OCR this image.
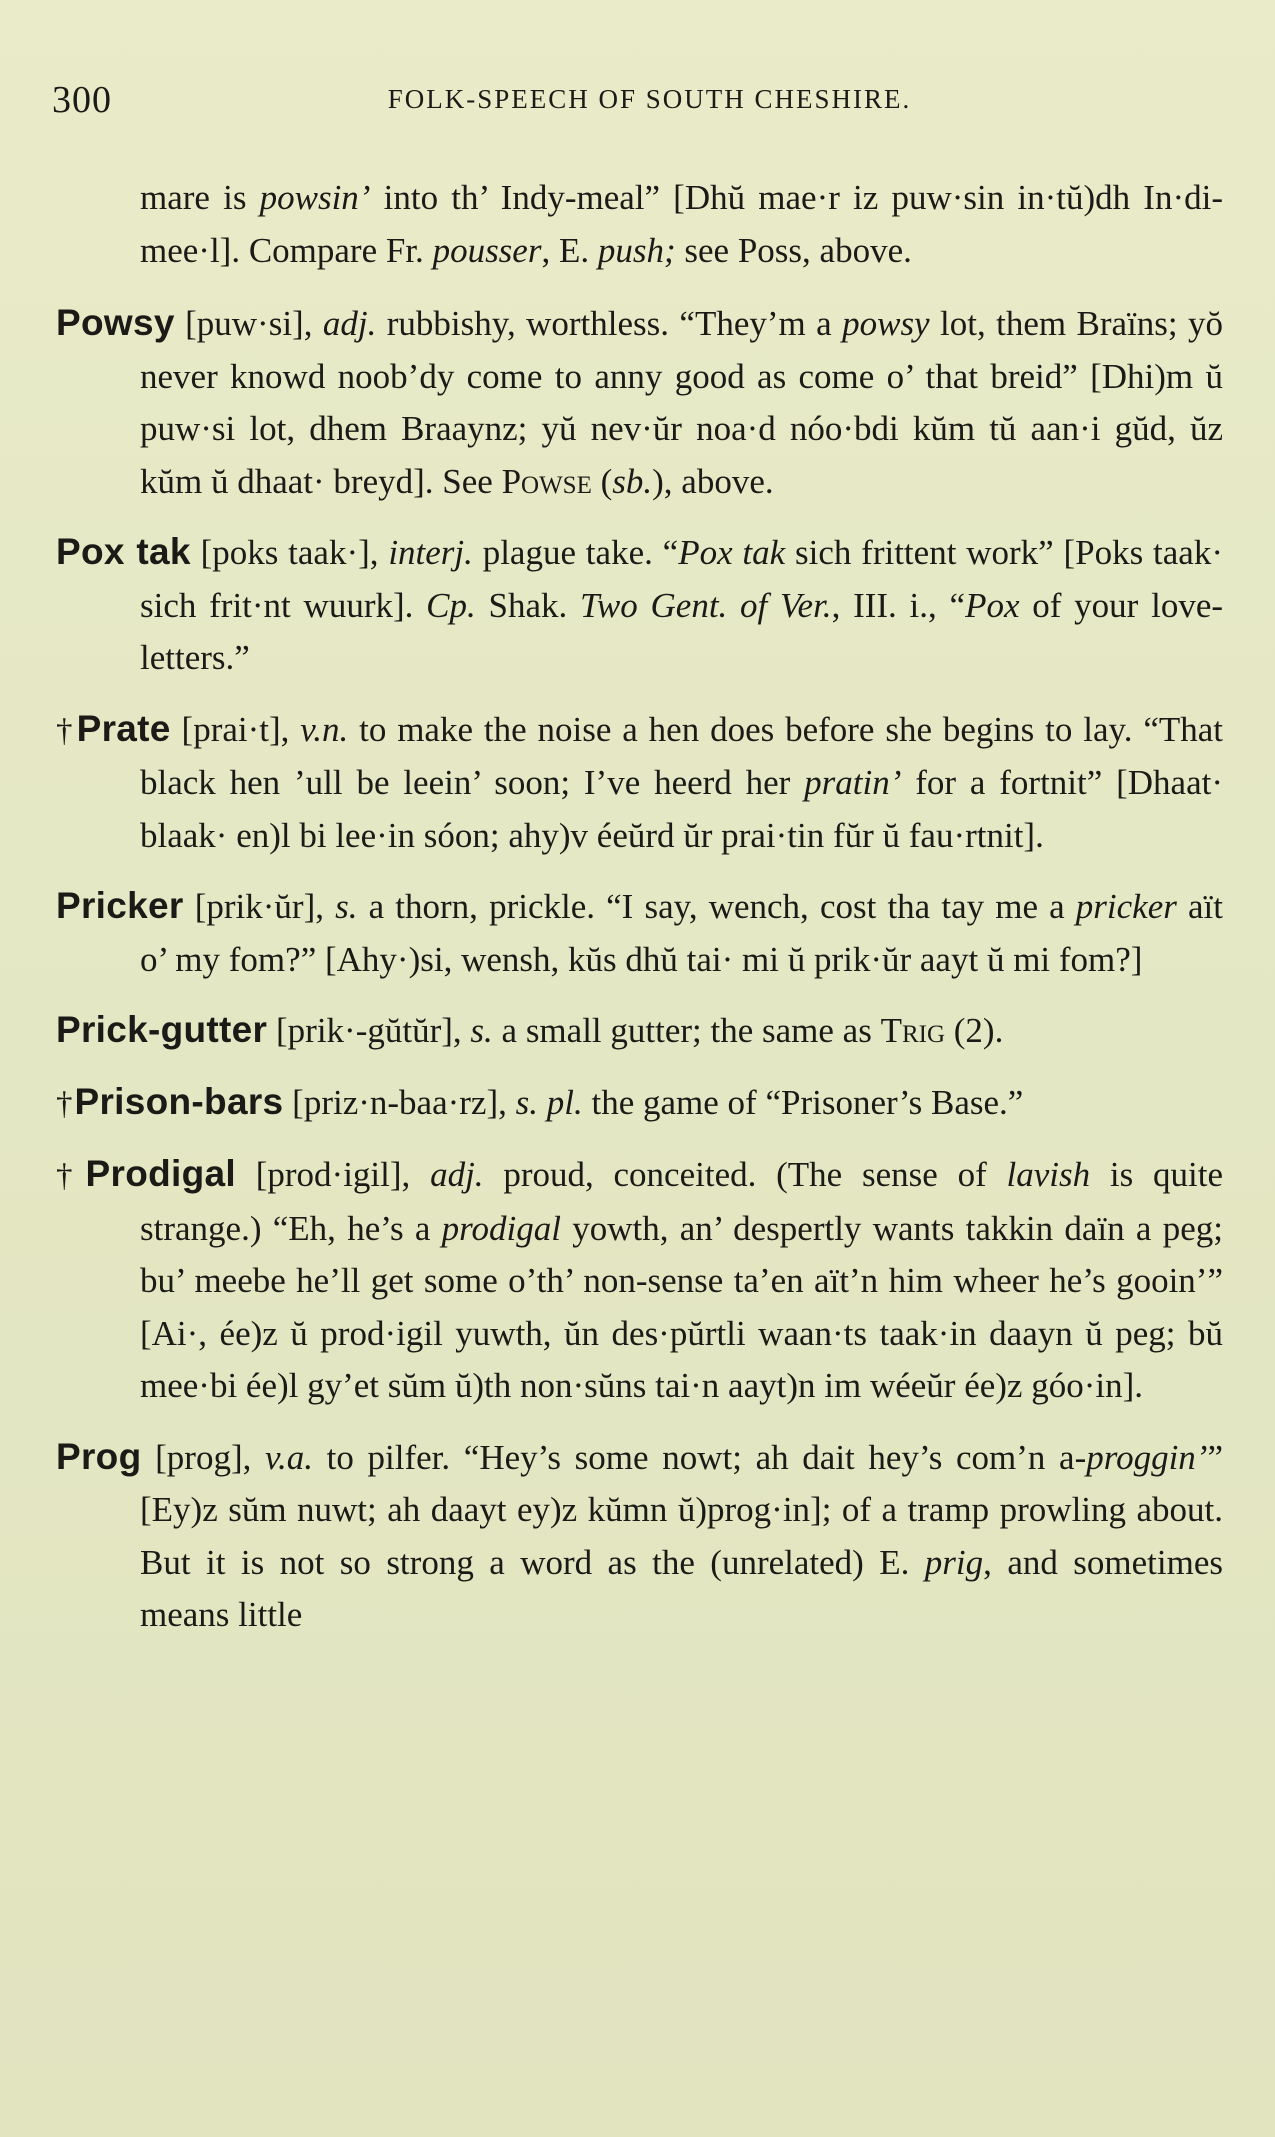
300	FOLK-SPEECH OF SOUTH CHESHIRE.

mare is powsin’ into th’ Indy-meal” [Dhŭ mae·r iz puw·sin in·tŭ)dh In·di-mee·l]. Compare Fr. pousser, E. push; see Poss, above.

Powsy [puw·si], adj. rubbishy, worthless. “They’m a powsy lot, them Braïns; yŏ never knowd noob’dy come to anny good as come o’ that breid” [Dhi)m ŭ puw·si lot, dhem Braaynz; yŭ nev·ŭr noa·d nóo·bdi kŭm tŭ aan·i gŭd, ŭz kŭm ŭ dhaat· breyd]. See Powse (sb.), above.

Pox tak [poks taak·], interj. plague take. “Pox tak sich frittent work” [Poks taak· sich frit·nt wuurk]. Cp. Shak. Two Gent. of Ver., III. i., “Pox of your love-letters.”

†Prate [prai·t], v.n. to make the noise a hen does before she begins to lay. “That black hen ’ull be leein’ soon; I’ve heerd her pratin’ for a fortnit” [Dhaat· blaak· en)l bi lee·in sóon; ahy)v éeŭrd ŭr prai·tin fŭr ŭ fau·rtnit].

Pricker [prik·ŭr], s. a thorn, prickle. “I say, wench, cost tha tay me a pricker aït o’ my fom?” [Ahy·)si, wensh, kŭs dhŭ tai· mi ŭ prik·ŭr aayt ŭ mi fom?]

Prick-gutter [prik·-gŭtŭr], s. a small gutter; the same as Trig (2).

†Prison-bars [priz·n-baa·rz], s. pl. the game of “Prisoner’s Base.”

†Prodigal [prod·igil], adj. proud, conceited. (The sense of lavish is quite strange.) “Eh, he’s a prodigal yowth, an’ despertly wants takkin daïn a peg; bu’ meebe he’ll get some o’th’ non-sense ta’en aït’n him wheer he’s gooin’” [Ai·, ée)z ŭ prod·igil yuwth, ŭn des·pŭrtli waan·ts taak·in daayn ŭ peg; bŭ mee·bi ée)l gy’et sŭm ŭ)th non·sŭns tai·n aayt)n im wéeŭr ée)z góo·in].

Prog [prog], v.a. to pilfer. “Hey’s some nowt; ah dait hey’s com’n a-proggin’” [Ey)z sŭm nuwt; ah daayt ey)z kŭmn ŭ)prog·in]; of a tramp prowling about. But it is not so strong a word as the (unrelated) E. prig, and sometimes means little
